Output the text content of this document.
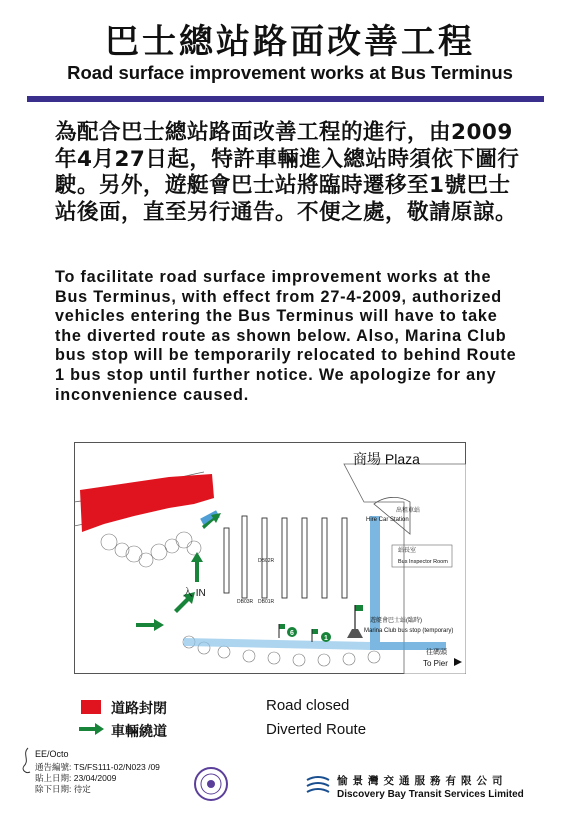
巴士總站路面改善工程
Road surface improvement works at Bus Terminus
為配合巴士總站路面改善工程的進行，由2009年4月27日起，特許車輛進入總站時須依下圖行駛。另外，遊艇會巴士站將臨時遷移至1號巴士站後面，直至另行通告。不便之處，敬請原諒。
To facilitate road surface improvement works at the Bus Terminus, with effect from 27-4-2009, authorized vehicles entering the Bus Terminus will have to take the diverted route as shown below. Also, Marina Club bus stop will be temporarily relocated to behind Route 1 bus stop until further notice. We apologize for any inconvenience caused.
入 IN
DB02R
DB03R DB01R
商場 Plaza
出租車站
Hire Car Station
站長室
Bus Inspector Room
遊艇會巴士站(臨時)
Marina Club bus stop (temporary)
6
1
往碼頭
To Pier
道路封閉	Road closed
車輛繞道	Diverted Route
EE/Octo
通告編號: TS/FS111-02/N023 /09
貼上日期: 23/04/2009
除下日期: 待定
愉景灣交通服務有限公司
Discovery Bay Transit Services Limited
